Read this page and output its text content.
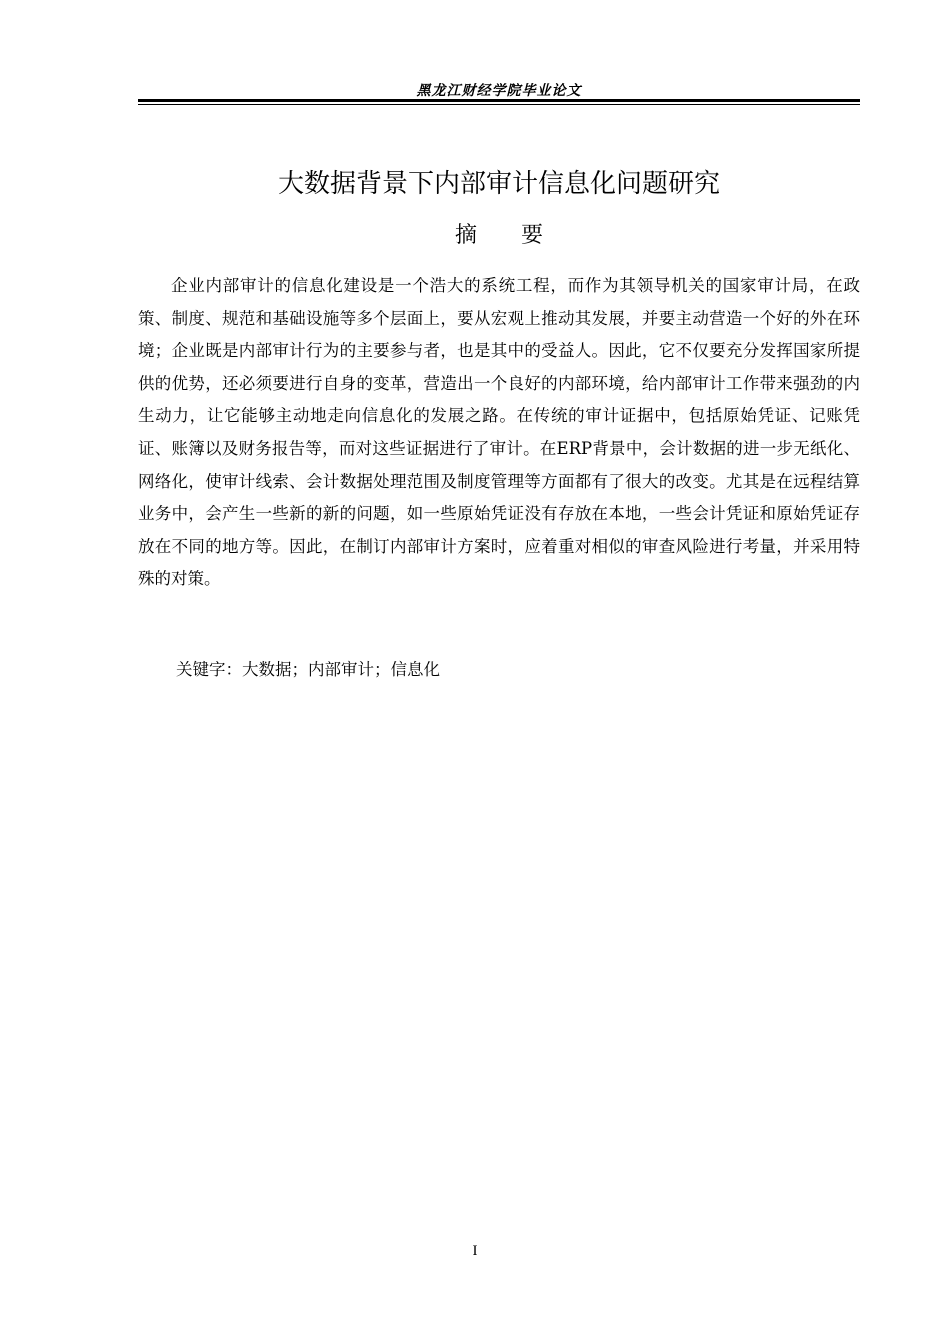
黑龙江财经学院毕业论文
大数据背景下内部审计信息化问题研究
摘要
企业内部审计的信息化建设是一个浩大的系统工程，而作为其领导机关的国家审计局，在政策、制度、规范和基础设施等多个层面上，要从宏观上推动其发展，并要主动营造一个好的外在环境；企业既是内部审计行为的主要参与者，也是其中的受益人。因此，它不仅要充分发挥国家所提供的优势，还必须要进行自身的变革，营造出一个良好的内部环境，给内部审计工作带来强劲的内生动力，让它能够主动地走向信息化的发展之路。在传统的审计证据中，包括原始凭证、记账凭证、账簿以及财务报告等，而对这些证据进行了审计。在ERP背景中，会计数据的进一步无纸化、网络化，使审计线索、会计数据处理范围及制度管理等方面都有了很大的改变。尤其是在远程结算业务中，会产生一些新的新的问题，如一些原始凭证没有存放在本地，一些会计凭证和原始凭证存放在不同的地方等。因此，在制订内部审计方案时，应着重对相似的审查风险进行考量，并采用特殊的对策。
关键字：大数据；内部审计；信息化
I
